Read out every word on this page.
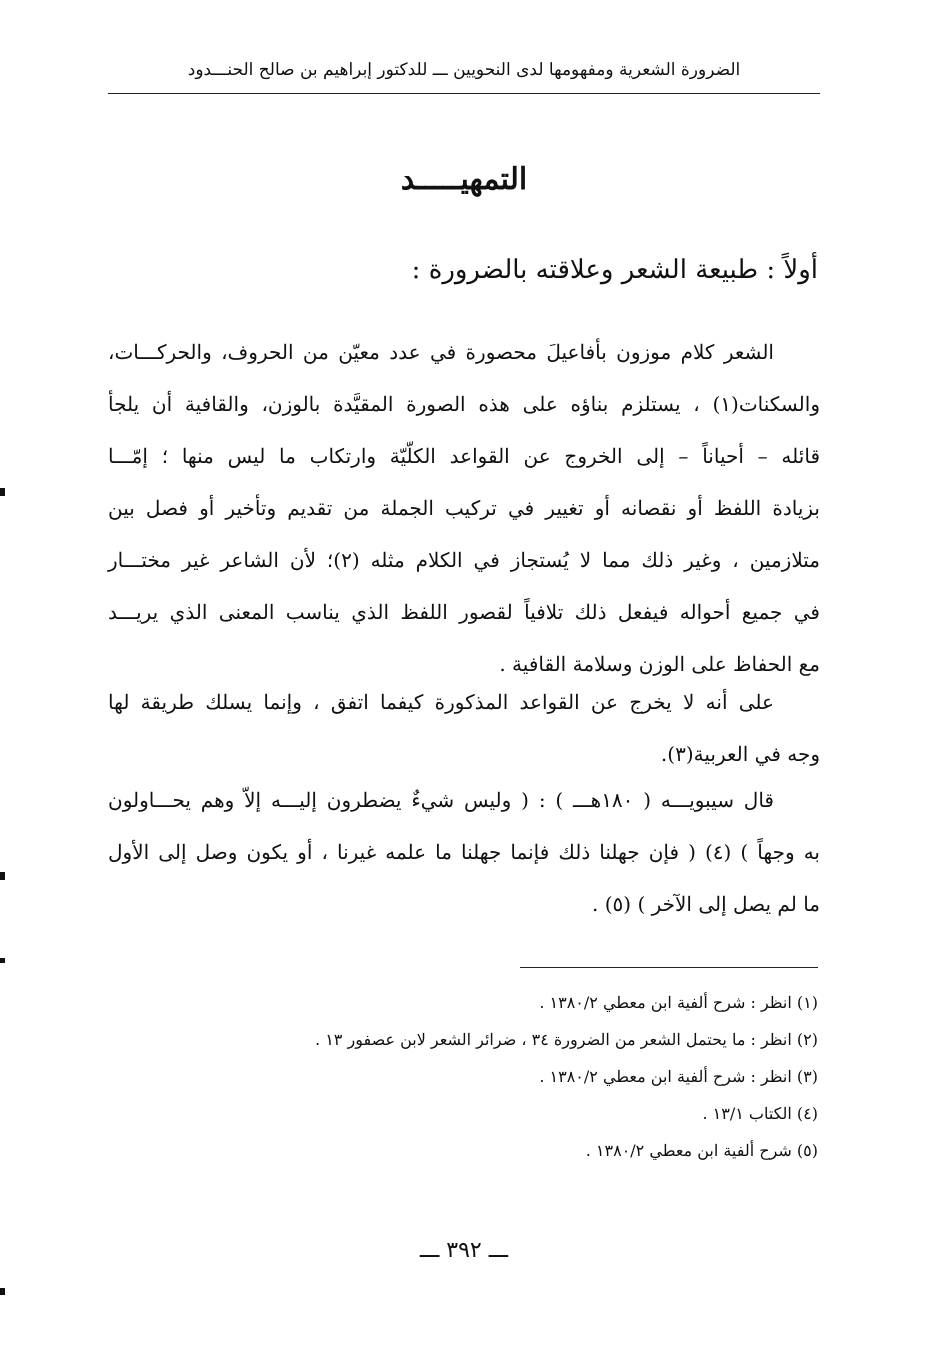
الضرورة الشعرية ومفهومها لدى النحويين ـــ للدكتور إبراهيم بن صالح الحنـــدود
التمهيـــــد
أولاً : طبيعة الشعر وعلاقته بالضرورة :
الشعر كلام موزون بأفاعيلَ محصورة في عدد معيّن من الحروف، والحركـــات،
والسكنات(١) ، يستلزم بناؤه على هذه الصورة المقيَّدة بالوزن، والقافية أن يلجأ
قائله – أحياناً – إلى الخروج عن القواعد الكلّيّة وارتكاب ما ليس منها ؛ إمّـــا
بزيادة اللفظ أو نقصانه أو تغيير في تركيب الجملة من تقديم وتأخير أو فصل بين
متلازمين ، وغير ذلك مما لا يُستجاز في الكلام مثله (٢)؛ لأن الشاعر غير مختـــار
في جميع أحواله فيفعل ذلك تلافياً لقصور اللفظ الذي يناسب المعنى الذي يريـــد
مع الحفاظ على الوزن وسلامة القافية .
على أنه لا يخرج عن القواعد المذكورة كيفما اتفق ، وإنما يسلك طريقة لها
وجه في العربية(٣).
قال سيبويـــه ( ١٨٠هـــ ) : ( وليس شيءٌ يضطرون إليـــه إلاّ وهم يحـــاولون
به وجهاً ) (٤) ( فإن جهلنا ذلك فإنما جهلنا ما علمه غيرنا ، أو يكون وصل إلى الأول
ما لم يصل إلى الآخر ) (٥) .
(١) انظر : شرح ألفية ابن معطي ١٣٨٠/٢ .
(٢) انظر : ما يحتمل الشعر من الضرورة ٣٤ ، ضرائر الشعر لابن عصفور ١٣ .
(٣) انظر : شرح ألفية ابن معطي ١٣٨٠/٢ .
(٤) الكتاب ١٣/١ .
(٥) شرح ألفية ابن معطي ١٣٨٠/٢ .
ـــ ٣٩٢ ـــ
